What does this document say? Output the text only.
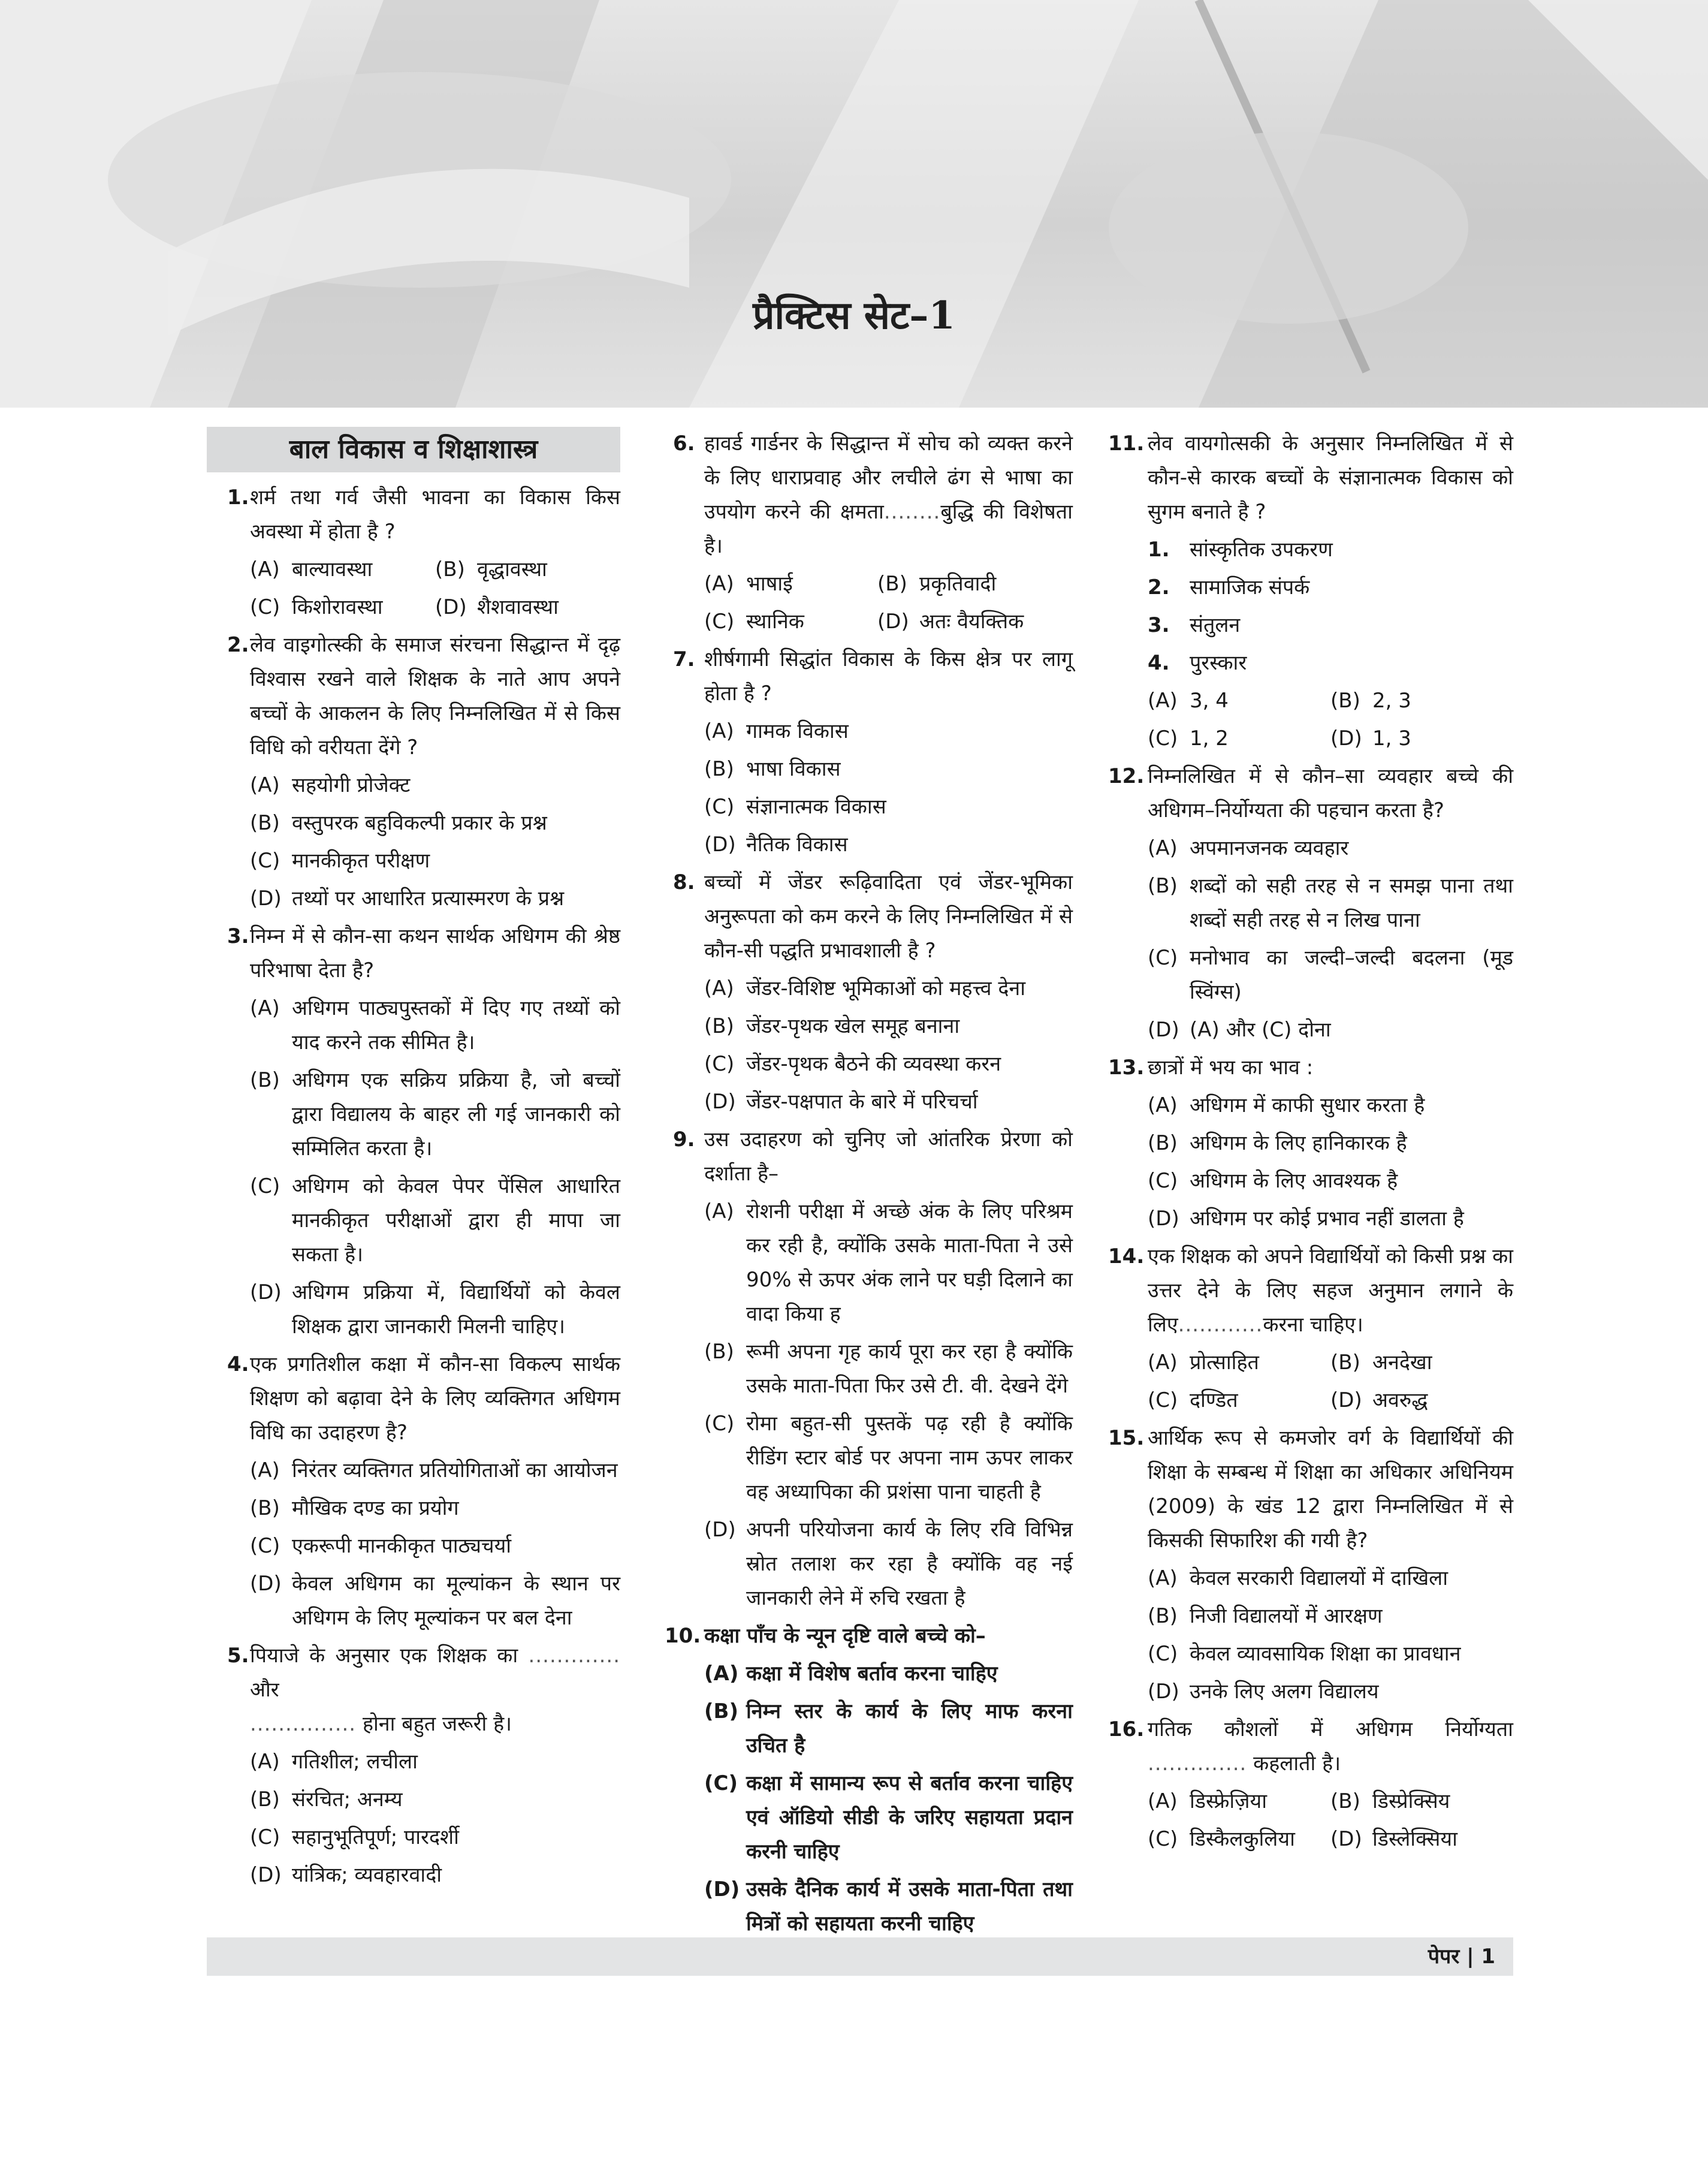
प्रैक्टिस सेट–1
बाल विकास व शिक्षाशास्त्र
1. शर्म तथा गर्व जैसी भावना का विकास किस अवस्था में होता है ?
(A) बाल्यावस्था	(B) वृद्धावस्था
(C) किशोरावस्था	(D) शैशवावस्था
2. लेव वाइगोत्स्की के समाज संरचना सिद्धान्त में दृढ़ विश्वास रखने वाले शिक्षक के नाते आप अपने बच्चों के आकलन के लिए निम्नलिखित में से किस विधि को वरीयता देंगे ?
(A) सहयोगी प्रोजेक्ट
(B) वस्तुपरक बहुविकल्पी प्रकार के प्रश्न
(C) मानकीकृत परीक्षण
(D) तथ्यों पर आधारित प्रत्यास्मरण के प्रश्न
3. निम्न में से कौन-सा कथन सार्थक अधिगम की श्रेष्ठ परिभाषा देता है?
(A) अधिगम पाठ्यपुस्तकों में दिए गए तथ्यों को याद करने तक सीमित है।
(B) अधिगम एक सक्रिय प्रक्रिया है, जो बच्चों द्वारा विद्यालय के बाहर ली गई जानकारी को सम्मिलित करता है।
(C) अधिगम को केवल पेपर पेंसिल आधारित मानकीकृत परीक्षाओं द्वारा ही मापा जा सकता है।
(D) अधिगम प्रक्रिया में, विद्यार्थियों को केवल शिक्षक द्वारा जानकारी मिलनी चाहिए।
4. एक प्रगतिशील कक्षा में कौन-सा विकल्प सार्थक शिक्षण को बढ़ावा देने के लिए व्यक्तिगत अधिगम विधि का उदाहरण है?
(A) निरंतर व्यक्तिगत प्रतियोगिताओं का आयोजन
(B) मौखिक दण्ड का प्रयोग
(C) एकरूपी मानकीकृत पाठ्यचर्या
(D) केवल अधिगम का मूल्यांकन के स्थान पर अधिगम के लिए मूल्यांकन पर बल देना
5. पियाजे के अनुसार एक शिक्षक का ............. और
............... होना बहुत जरूरी है।
(A) गतिशील; लचीला
(B) संरचित; अनम्य
(C) सहानुभूतिपूर्ण; पारदर्शी
(D) यांत्रिक; व्यवहारवादी
6. हावर्ड गार्डनर के सिद्धान्त में सोच को व्यक्त करने के लिए धाराप्रवाह और लचीले ढंग से भाषा का उपयोग करने की क्षमता........बुद्धि की विशेषता है।
(A) भाषाई	(B) प्रकृतिवादी
(C) स्थानिक	(D) अतः वैयक्तिक
7. शीर्षगामी सिद्धांत विकास के किस क्षेत्र पर लागू होता है ?
(A) गामक विकास
(B) भाषा विकास
(C) संज्ञानात्मक विकास
(D) नैतिक विकास
8. बच्चों में जेंडर रूढ़िवादिता एवं जेंडर-भूमिका अनुरूपता को कम करने के लिए निम्नलिखित में से कौन-सी पद्धति प्रभावशाली है ?
(A) जेंडर-विशिष्ट भूमिकाओं को महत्त्व देना
(B) जेंडर-पृथक खेल समूह बनाना
(C) जेंडर-पृथक बैठने की व्यवस्था करन
(D) जेंडर-पक्षपात के बारे में परिचर्चा
9. उस उदाहरण को चुनिए जो आंतरिक प्रेरणा को दर्शाता है–
(A) रोशनी परीक्षा में अच्छे अंक के लिए परिश्रम कर रही है, क्योंकि उसके माता-पिता ने उसे 90% से ऊपर अंक लाने पर घड़ी दिलाने का वादा किया ह
(B) रूमी अपना गृह कार्य पूरा कर रहा है क्योंकि उसके माता-पिता फिर उसे टी. वी. देखने देंगे
(C) रोमा बहुत-सी पुस्तकें पढ़ रही है क्योंकि रीडिंग स्टार बोर्ड पर अपना नाम ऊपर लाकर वह अध्यापिका की प्रशंसा पाना चाहती है
(D) अपनी परियोजना कार्य के लिए रवि विभिन्न स्रोत तलाश कर रहा है क्योंकि वह नई जानकारी लेने में रुचि रखता है
10. कक्षा पाँच के न्यून दृष्टि वाले बच्चे को–
(A) कक्षा में विशेष बर्ताव करना चाहिए
(B) निम्न स्तर के कार्य के लिए माफ करना उचित है
(C) कक्षा में सामान्य रूप से बर्ताव करना चाहिए एवं ऑडियो सीडी के जरिए सहायता प्रदान करनी चाहिए
(D) उसके दैनिक कार्य में उसके माता-पिता तथा मित्रों को सहायता करनी चाहिए
11. लेव वायगोत्सकी के अनुसार निम्नलिखित में से कौन-से कारक बच्चों के संज्ञानात्मक विकास को सुगम बनाते है ?
1. सांस्कृतिक उपकरण
2. सामाजिक संपर्क
3. संतुलन
4. पुरस्कार
(A) 3, 4	(B) 2, 3
(C) 1, 2	(D) 1, 3
12. निम्नलिखित में से कौन–सा व्यवहार बच्चे की अधिगम–निर्योग्यता की पहचान करता है?
(A) अपमानजनक व्यवहार
(B) शब्दों को सही तरह से न समझ पाना तथा शब्दों सही तरह से न लिख पाना
(C) मनोभाव का जल्दी–जल्दी बदलना (मूड स्विंग्स)
(D) (A) और (C) दोना
13. छात्रों में भय का भाव :
(A) अधिगम में काफी सुधार करता है
(B) अधिगम के लिए हानिकारक है
(C) अधिगम के लिए आवश्यक है
(D) अधिगम पर कोई प्रभाव नहीं डालता है
14. एक शिक्षक को अपने विद्यार्थियों को किसी प्रश्न का उत्तर देने के लिए सहज अनुमान लगाने के लिए............करना चाहिए।
(A) प्रोत्साहित	(B) अनदेखा
(C) दण्डित	(D) अवरुद्ध
15. आर्थिक रूप से कमजोर वर्ग के विद्यार्थियों की शिक्षा के सम्बन्ध में शिक्षा का अधिकार अधिनियम (2009) के खंड 12 द्वारा निम्नलिखित में से किसकी सिफारिश की गयी है?
(A) केवल सरकारी विद्यालयों में दाखिला
(B) निजी विद्यालयों में आरक्षण
(C) केवल व्यावसायिक शिक्षा का प्रावधान
(D) उनके लिए अलग विद्यालय
16. गतिक कौशलों में अधिगम निर्योग्यता .............. कहलाती है।
(A) डिस्फ्रेज़िया	(B) डिस्प्रेक्सिय
(C) डिस्कैलकुलिया	(D) डिस्लेक्सिया
पेपर | 1
